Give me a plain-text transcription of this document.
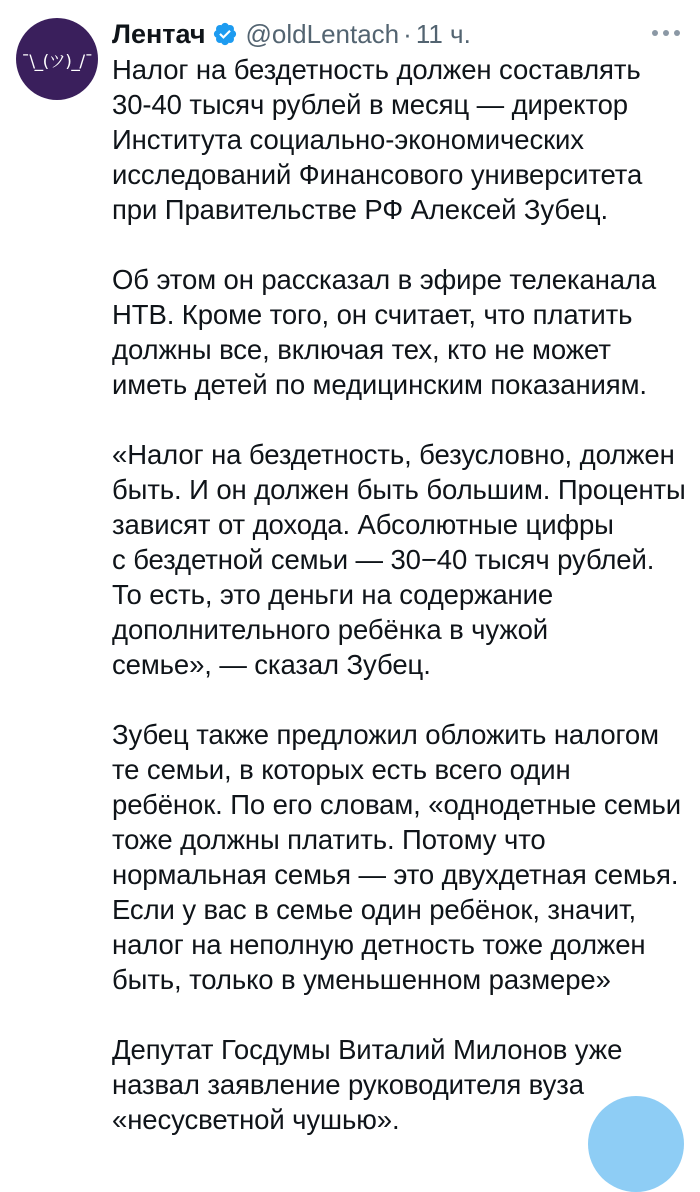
¯\_(ツ)_/¯
Лентач @oldLentach · 11 ч.

Налог на бездетность должен составлять
30-40 тысяч рублей в месяц — директор
Института социально-экономических
исследований Финансового университета
при Правительстве РФ Алексей Зубец.

Об этом он рассказал в эфире телеканала
НТВ. Кроме того, он считает, что платить
должны все, включая тех, кто не может
иметь детей по медицинским показаниям.

«Налог на бездетность, безусловно, должен
быть. И он должен быть большим. Проценты
зависят от дохода. Абсолютные цифры
с бездетной семьи — 30−40 тысяч рублей.
То есть, это деньги на содержание
дополнительного ребёнка в чужой
семье», — сказал Зубец.

Зубец также предложил обложить налогом
те семьи, в которых есть всего один
ребёнок. По его словам, «однодетные семьи
тоже должны платить. Потому что
нормальная семья — это двухдетная семья.
Если у вас в семье один ребёнок, значит,
налог на неполную детность тоже должен
быть, только в уменьшенном размере»

Депутат Госдумы Виталий Милонов уже
назвал заявление руководителя вуза
«несусветной чушью».
